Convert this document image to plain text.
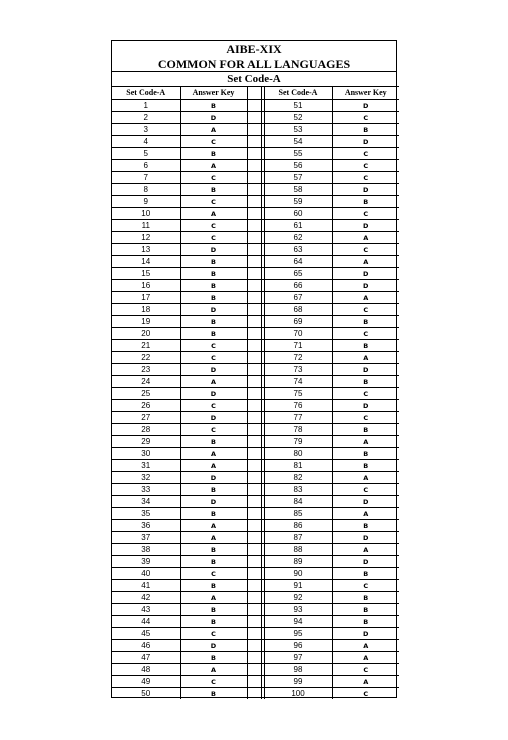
AIBE-XIX
COMMON FOR ALL LANGUAGES
Set Code-A
Set Code-A	Answer Key			Set Code-A	Answer Key
1	B			51	D
2	D			52	C
3	A			53	B
4	C			54	D
5	B			55	C
6	A			56	C
7	C			57	C
8	B			58	D
9	C			59	B
10	A			60	C
11	C			61	D
12	C			62	A
13	D			63	C
14	B			64	A
15	B			65	D
16	B			66	D
17	B			67	A
18	D			68	C
19	B			69	B
20	B			70	C
21	C			71	B
22	C			72	A
23	D			73	D
24	A			74	B
25	D			75	C
26	C			76	D
27	D			77	C
28	C			78	B
29	B			79	A
30	A			80	B
31	A			81	B
32	D			82	A
33	B			83	C
34	D			84	D
35	B			85	A
36	A			86	B
37	A			87	D
38	B			88	A
39	B			89	D
40	C			90	B
41	B			91	C
42	A			92	B
43	B			93	B
44	B			94	B
45	C			95	D
46	D			96	A
47	B			97	A
48	A			98	C
49	C			99	A
50	B			100	C
